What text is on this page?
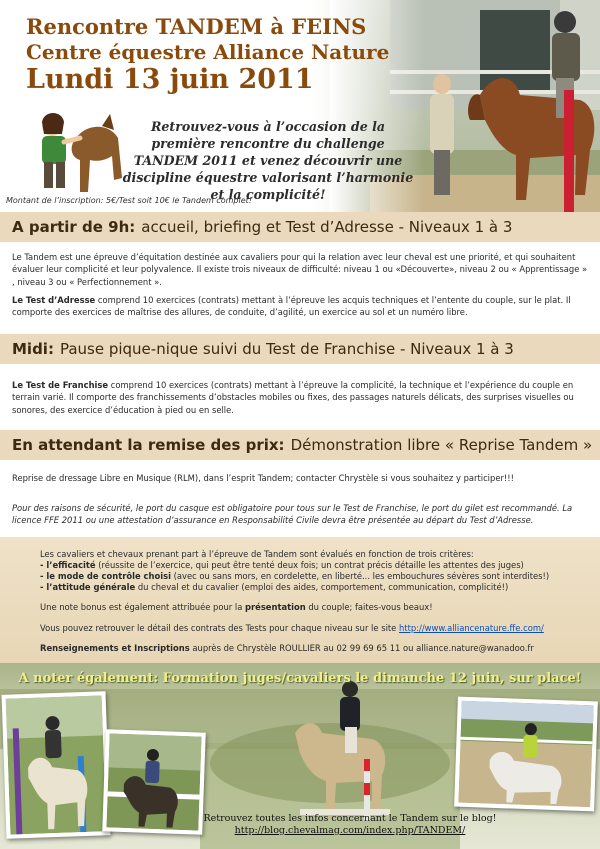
Rencontre TANDEM à FEINS
Centre équestre Alliance Nature
Lundi 13 juin 2011
Retrouvez-vous à l’occasion de la première rencontre du challenge TANDEM 2011 et venez découvrir une discipline équestre valorisant l’harmonie et la complicité!
Montant de l’inscription: 5€/Test soit 10€ le Tandem complet!
A partir de 9h: accueil, briefing et Test d’Adresse - Niveaux 1 à 3

Le Tandem est une épreuve d’équitation destinée aux cavaliers pour qui la relation avec leur cheval est une priorité, et qui souhaitent évaluer leur complicité et leur polyvalence. Il existe trois niveaux de difficulté: niveau 1 ou «Découverte», niveau 2 ou « Apprentissage » , niveau 3 ou « Perfectionnement ».

Le Test d’Adresse comprend 10 exercices (contrats) mettant à l’épreuve les acquis techniques et l’entente du couple, sur le plat. Il comporte des exercices de maîtrise des allures, de conduite, d’agilité, un exercice au sol et un numéro libre.

Midi: Pause pique-nique suivi du Test de Franchise - Niveaux 1 à 3

Le Test de Franchise comprend 10 exercices (contrats) mettant à l’épreuve la complicité, la technique et l’expérience du couple en terrain varié. Il comporte des franchissements d’obstacles mobiles ou fixes, des passages naturels délicats, des surprises visuelles ou sonores, des exercice d’éducation à pied ou en selle.

En attendant la remise des prix: Démonstration libre « Reprise Tandem »

Reprise de dressage Libre en Musique (RLM), dans l’esprit Tandem; contacter Chrystèle si vous souhaitez y participer!!!

Pour des raisons de sécurité, le port du casque est obligatoire pour tous sur le Test de Franchise, le port du gilet est recommandé. La licence FFE 2011 ou une attestation d’assurance en Responsabilité Civile devra être présentée au départ du Test d’Adresse.

Les cavaliers et chevaux prenant part à l’épreuve de Tandem sont évalués en fonction de trois critères:
- l’efficacité (réussite de l’exercice, qui peut être tenté deux fois; un contrat précis détaille les attentes des juges)
- le mode de contrôle choisi (avec ou sans mors, en cordelette, en liberté... les embouchures sévères sont interdites!)
- l’attitude générale du cheval et du cavalier (emploi des aides, comportement, communication, complicité!)
Une note bonus est également attribuée pour la présentation du couple; faites-vous beaux!
Vous pouvez retrouver le détail des contrats des Tests pour chaque niveau sur le site http://www.alliancenature.ffe.com/
Renseignements et Inscriptions auprès de Chrystèle ROULLIER au 02 99 69 65 11 ou alliance.nature@wanadoo.fr
A noter également: Formation juges/cavaliers le dimanche 12 juin, sur place!
Retrouvez toutes les infos concernant le Tandem sur le blog!
http://blog.chevalmag.com/index.php/TANDEM/
